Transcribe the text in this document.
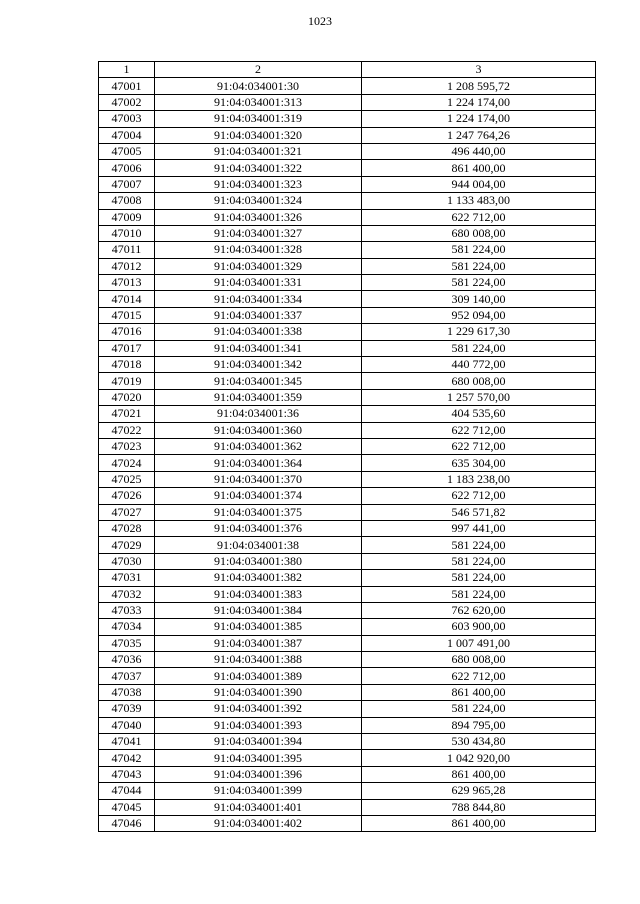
1023
1	2	3
47001	91:04:034001:30	1 208 595,72
47002	91:04:034001:313	1 224 174,00
47003	91:04:034001:319	1 224 174,00
47004	91:04:034001:320	1 247 764,26
47005	91:04:034001:321	496 440,00
47006	91:04:034001:322	861 400,00
47007	91:04:034001:323	944 004,00
47008	91:04:034001:324	1 133 483,00
47009	91:04:034001:326	622 712,00
47010	91:04:034001:327	680 008,00
47011	91:04:034001:328	581 224,00
47012	91:04:034001:329	581 224,00
47013	91:04:034001:331	581 224,00
47014	91:04:034001:334	309 140,00
47015	91:04:034001:337	952 094,00
47016	91:04:034001:338	1 229 617,30
47017	91:04:034001:341	581 224,00
47018	91:04:034001:342	440 772,00
47019	91:04:034001:345	680 008,00
47020	91:04:034001:359	1 257 570,00
47021	91:04:034001:36	404 535,60
47022	91:04:034001:360	622 712,00
47023	91:04:034001:362	622 712,00
47024	91:04:034001:364	635 304,00
47025	91:04:034001:370	1 183 238,00
47026	91:04:034001:374	622 712,00
47027	91:04:034001:375	546 571,82
47028	91:04:034001:376	997 441,00
47029	91:04:034001:38	581 224,00
47030	91:04:034001:380	581 224,00
47031	91:04:034001:382	581 224,00
47032	91:04:034001:383	581 224,00
47033	91:04:034001:384	762 620,00
47034	91:04:034001:385	603 900,00
47035	91:04:034001:387	1 007 491,00
47036	91:04:034001:388	680 008,00
47037	91:04:034001:389	622 712,00
47038	91:04:034001:390	861 400,00
47039	91:04:034001:392	581 224,00
47040	91:04:034001:393	894 795,00
47041	91:04:034001:394	530 434,80
47042	91:04:034001:395	1 042 920,00
47043	91:04:034001:396	861 400,00
47044	91:04:034001:399	629 965,28
47045	91:04:034001:401	788 844,80
47046	91:04:034001:402	861 400,00
